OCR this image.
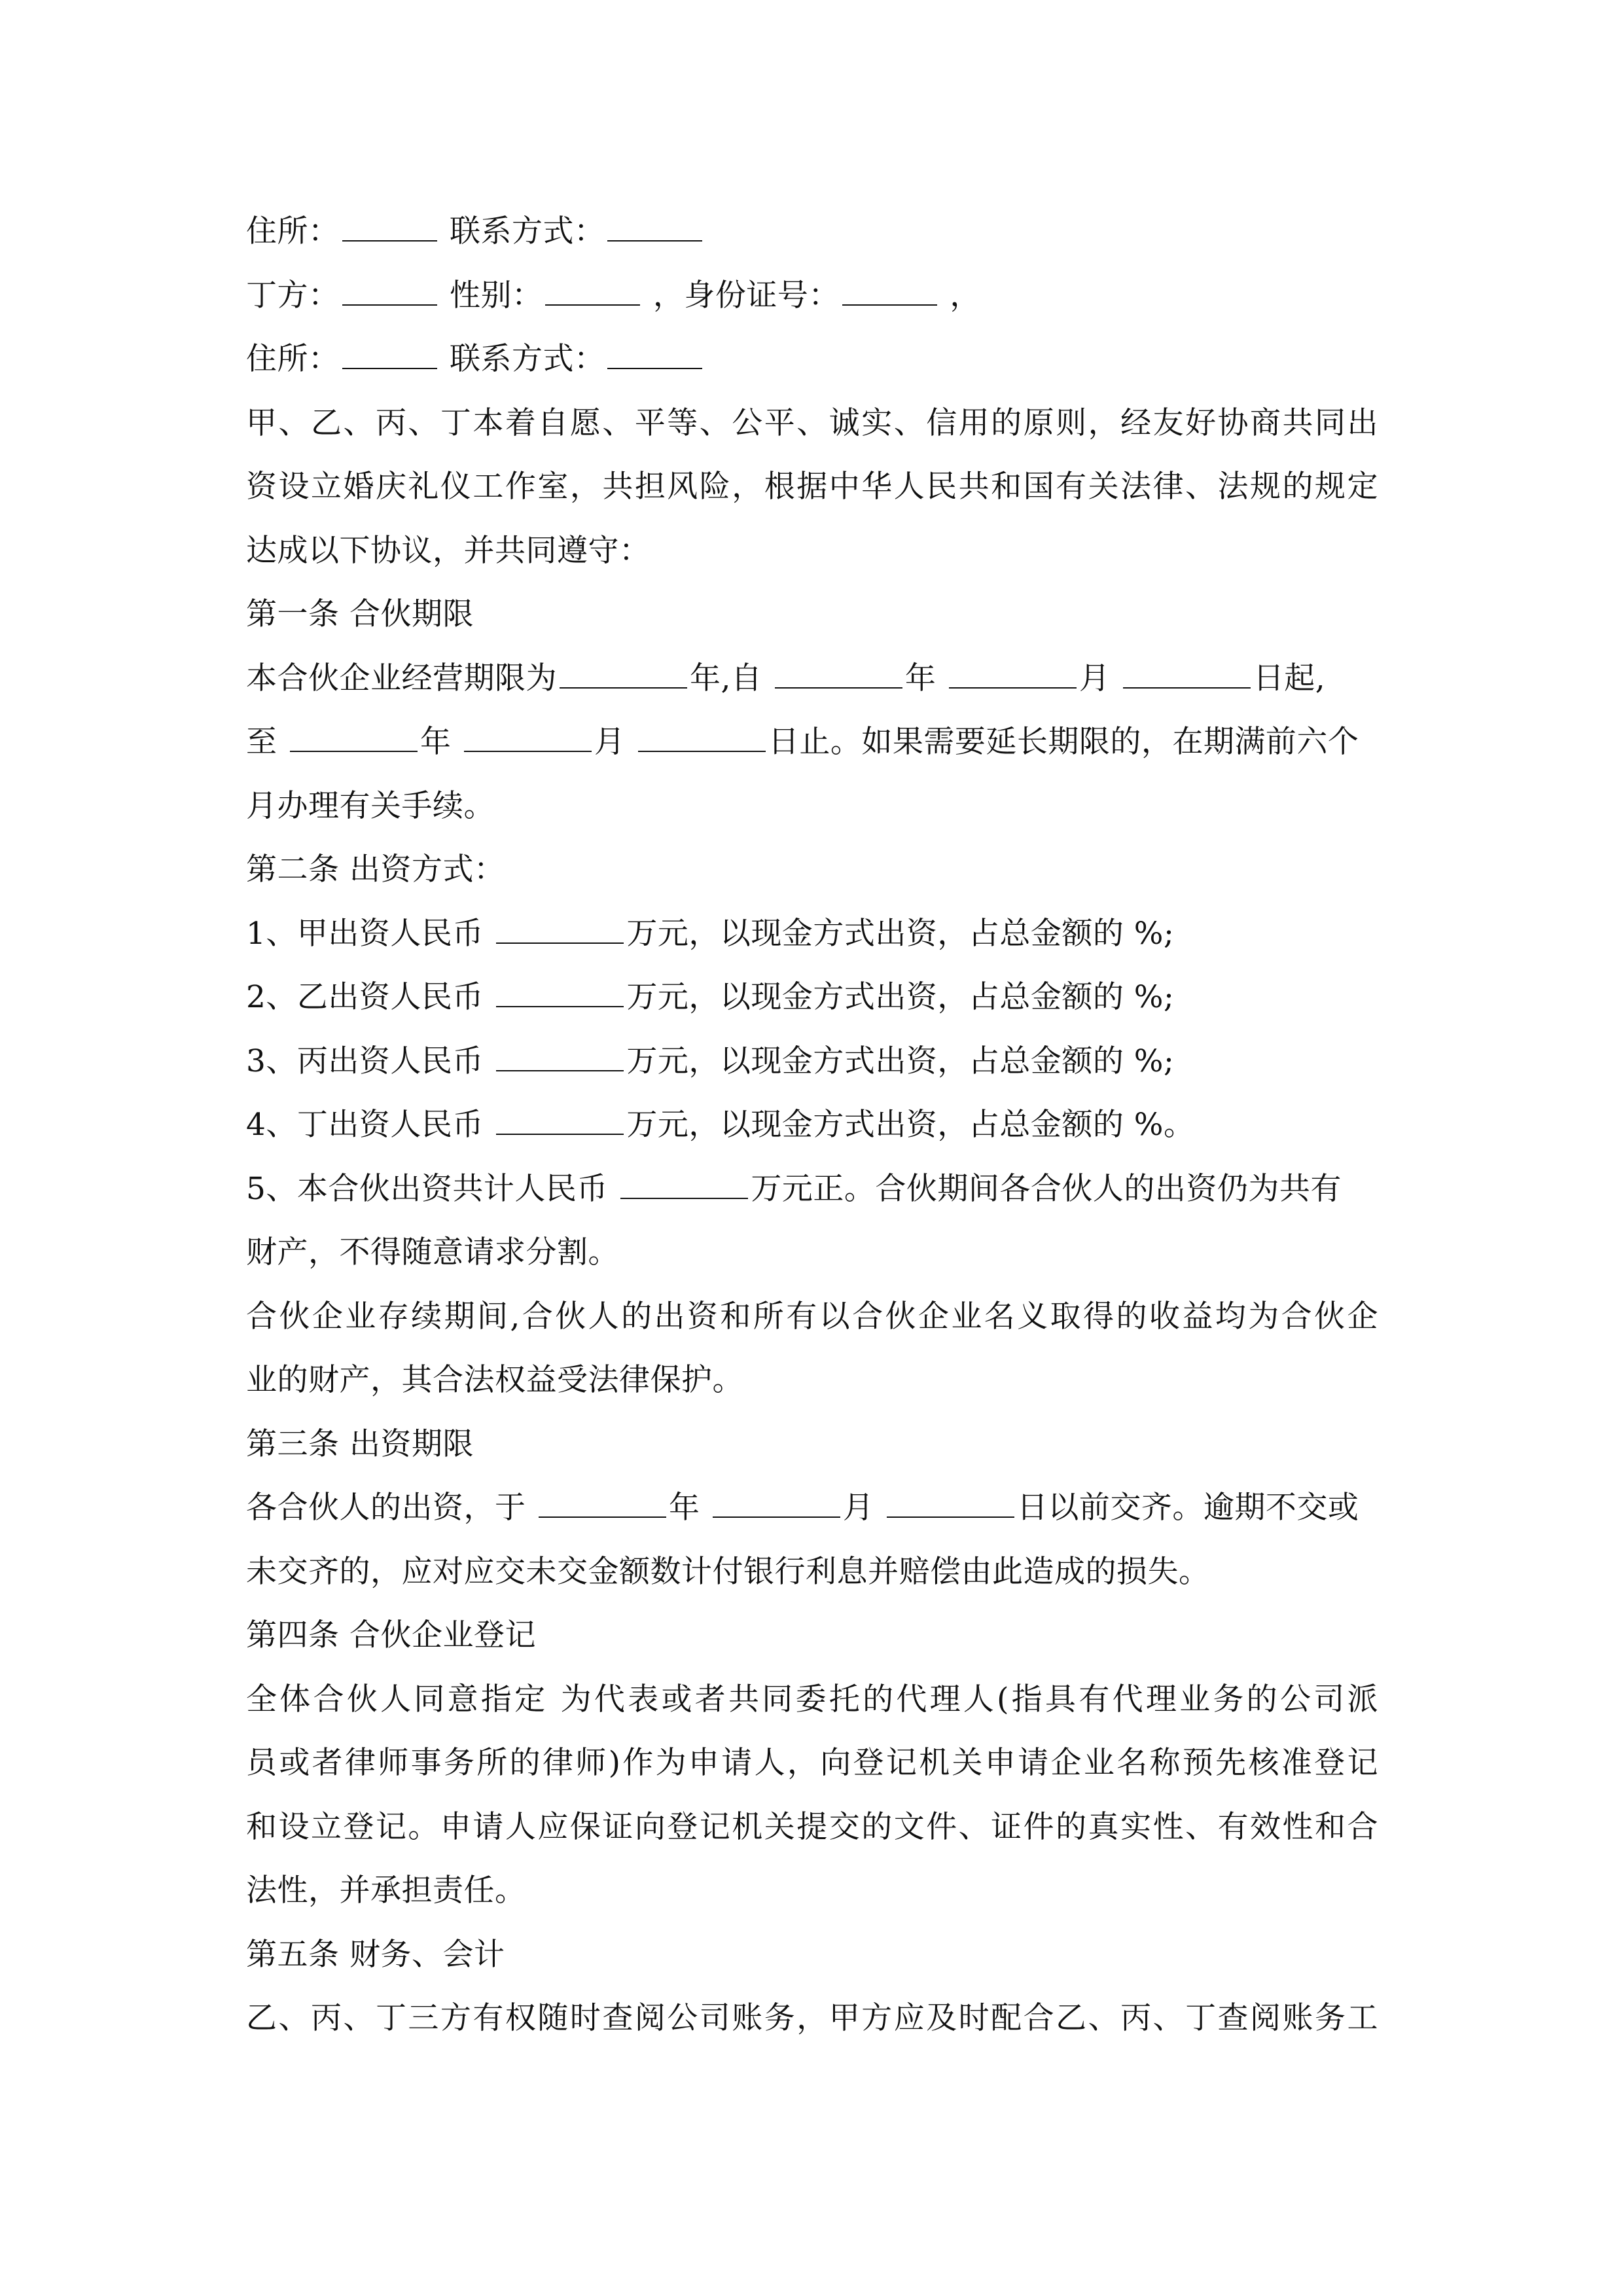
住所：	联系方式：
丁方：	性别：	，身份证号：	，
住所：	联系方式：
甲、乙、丙、丁本着自愿、平等、公平、诚实、信用的原则，经友好协商共同出
资设立婚庆礼仪工作室，共担风险，根据中华人民共和国有关法律、法规的规定
达成以下协议，并共同遵守：
第一条 合伙期限
本合伙企业经营期限为	年,自	年	月	日起,
至	年	月	日止。如果需要延长期限的，在期满前六个
月办理有关手续。
第二条 出资方式：
1、甲出资人民币	万元，以现金方式出资，占总金额的 %;
2、乙出资人民币	万元，以现金方式出资，占总金额的 %;
3、丙出资人民币	万元，以现金方式出资，占总金额的 %;
4、丁出资人民币	万元，以现金方式出资，占总金额的 %。
5、本合伙出资共计人民币	万元正。合伙期间各合伙人的出资仍为共有
财产，不得随意请求分割。
合伙企业存续期间,合伙人的出资和所有以合伙企业名义取得的收益均为合伙企
业的财产，其合法权益受法律保护。
第三条 出资期限
各合伙人的出资，于	年	月	日以前交齐。逾期不交或
未交齐的，应对应交未交金额数计付银行利息并赔偿由此造成的损失。
第四条 合伙企业登记
全体合伙人同意指定 为代表或者共同委托的代理人(指具有代理业务的公司派
员或者律师事务所的律师)作为申请人，向登记机关申请企业名称预先核准登记
和设立登记。申请人应保证向登记机关提交的文件、证件的真实性、有效性和合
法性，并承担责任。
第五条 财务、会计
乙、丙、丁三方有权随时查阅公司账务，甲方应及时配合乙、丙、丁查阅账务工
